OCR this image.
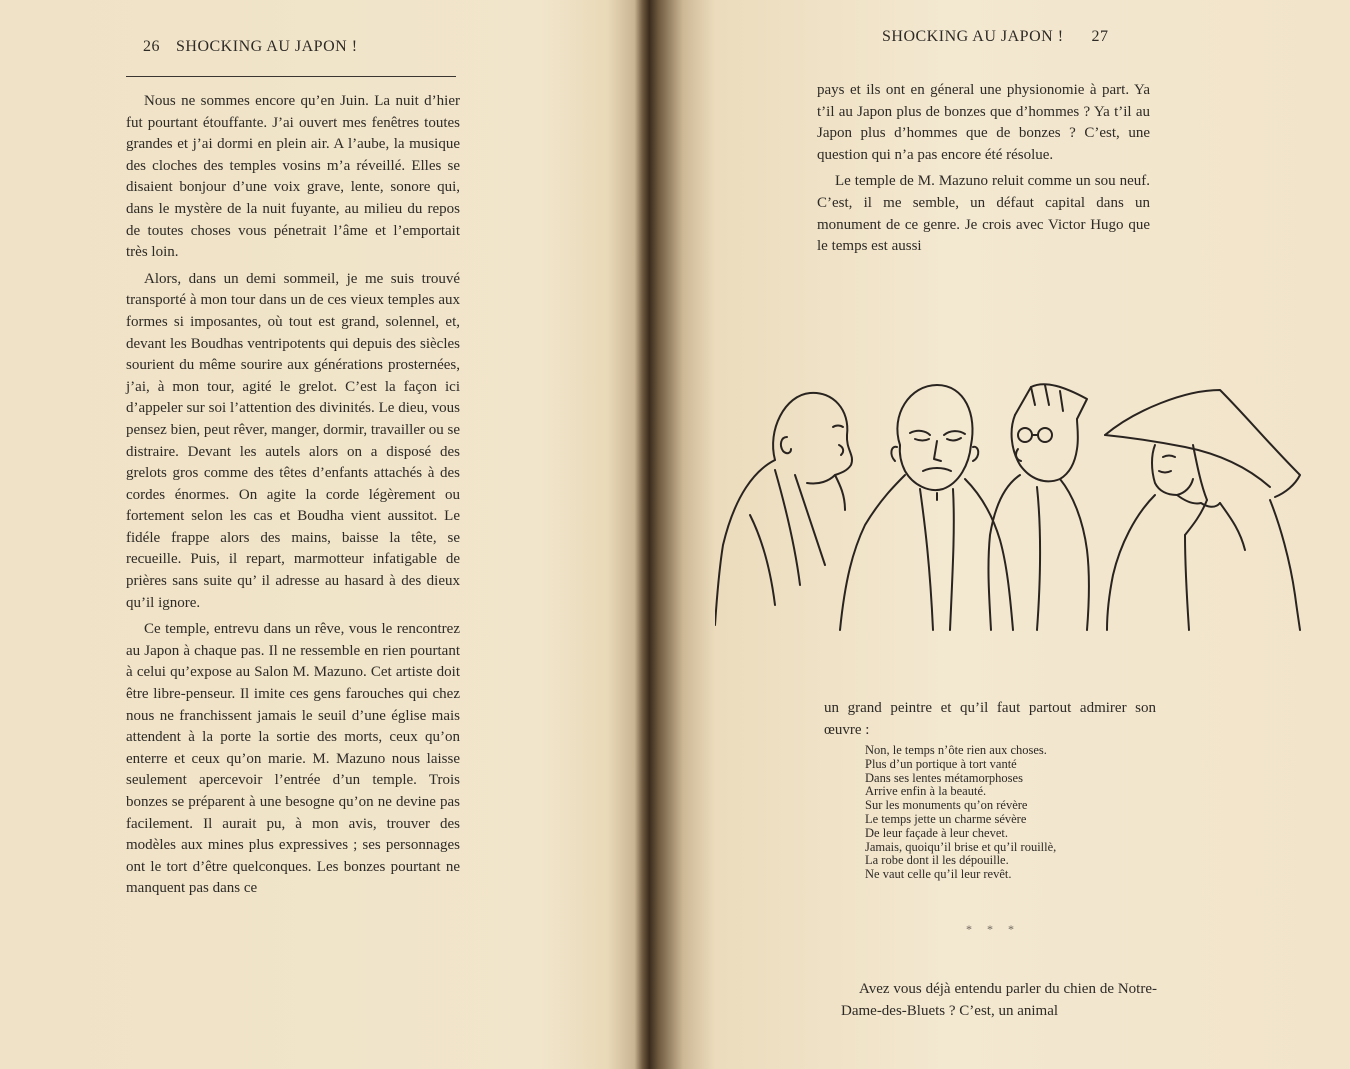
26 SHOCKING AU JAPON !

Nous ne sommes encore qu’en Juin. La nuit d’hier fut pourtant étouffante. J’ai ouvert mes fenêtres toutes grandes et j’ai dormi en plein air. A l’aube, la musique des cloches des temples vosins m’a réveillé. Elles se disaient bonjour d’une voix grave, lente, sonore qui, dans le mystère de la nuit fuyante, au milieu du repos de toutes choses vous pénetrait l’âme et l’emportait très loin.

Alors, dans un demi sommeil, je me suis trouvé transporté à mon tour dans un de ces vieux temples aux formes si imposantes, où tout est grand, solennel, et, devant les Boudhas ventripotents qui depuis des siècles sourient du même sourire aux générations prosternées, j’ai, à mon tour, agité le grelot. C’est la façon ici d’appeler sur soi l’attention des divinités. Le dieu, vous pensez bien, peut rêver, manger, dormir, travailler ou se distraire. Devant les autels alors on a disposé des grelots gros comme des têtes d’enfants attachés à des cordes énormes. On agite la corde légèrement ou fortement selon les cas et Boudha vient aussitot. Le fidéle frappe alors des mains, baisse la tête, se recueille. Puis, il repart, marmotteur infatigable de prières sans suite qu’ il adresse au hasard à des dieux qu’il ignore.

Ce temple, entrevu dans un rêve, vous le rencontrez au Japon à chaque pas. Il ne ressemble en rien pourtant à celui qu’expose au Salon M. Mazuno. Cet artiste doit être libre-penseur. Il imite ces gens farouches qui chez nous ne franchissent jamais le seuil d’une église mais attendent à la porte la sortie des morts, ceux qu’on enterre et ceux qu’on marie. M. Mazuno nous laisse seulement apercevoir l’entrée d’un temple. Trois bonzes se préparent à une besogne qu’on ne devine pas facilement. Il aurait pu, à mon avis, trouver des modèles aux mines plus expressives ; ses personnages ont le tort d’être quelconques. Les bonzes pourtant ne manquent pas dans ce

SHOCKING AU JAPON ! 27

pays et ils ont en géneral une physionomie à part. Ya t’il au Japon plus de bonzes que d’hommes ? Ya t’il au Japon plus d’hommes que de bonzes ? C’est, une question qui n’a pas encore été résolue.

Le temple de M. Mazuno reluit comme un sou neuf. C’est, il me semble, un défaut capital dans un monument de ce genre. Je crois avec Victor Hugo que le temps est aussi

un grand peintre et qu’il faut partout admirer son œuvre :

Non, le temps n’ôte rien aux choses.
Plus d’un portique à tort vanté
Dans ses lentes métamorphoses
Arrive enfin à la beauté.
Sur les monuments qu’on révère
Le temps jette un charme sévère
De leur façade à leur chevet.
Jamais, quoiqu’il brise et qu’il rouillè,
La robe dont il les dépouille.
Ne vaut celle qu’il leur revêt.
* * *

Avez vous déjà entendu parler du chien de Notre-Dame-des-Bluets ? C’est, un animal
